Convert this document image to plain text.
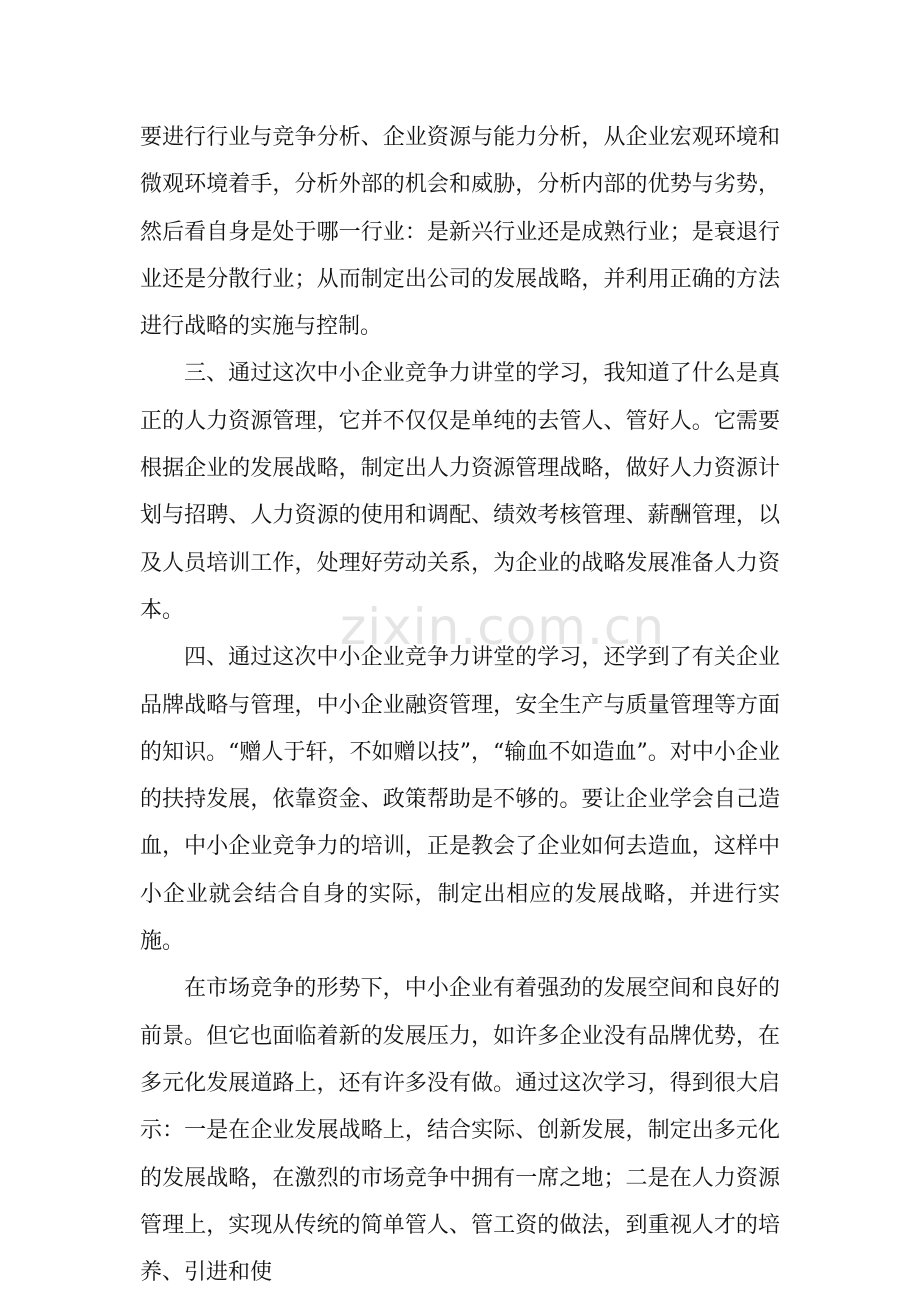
zixin.com.cn

要进行行业与竞争分析、企业资源与能力分析，从企业宏观环境和微观环境着手，分析外部的机会和威胁，分析内部的优势与劣势，然后看自身是处于哪一行业：是新兴行业还是成熟行业；是衰退行业还是分散行业；从而制定出公司的发展战略，并利用正确的方法进行战略的实施与控制。

三、通过这次中小企业竞争力讲堂的学习，我知道了什么是真正的人力资源管理，它并不仅仅是单纯的去管人、管好人。它需要根据企业的发展战略，制定出人力资源管理战略，做好人力资源计划与招聘、人力资源的使用和调配、绩效考核管理、薪酬管理，以及人员培训工作，处理好劳动关系，为企业的战略发展准备人力资本。

四、通过这次中小企业竞争力讲堂的学习，还学到了有关企业品牌战略与管理，中小企业融资管理，安全生产与质量管理等方面的知识。“赠人于轩，不如赠以技”，“输血不如造血”。对中小企业的扶持发展，依靠资金、政策帮助是不够的。要让企业学会自己造血，中小企业竞争力的培训，正是教会了企业如何去造血，这样中小企业就会结合自身的实际，制定出相应的发展战略，并进行实施。

在市场竞争的形势下，中小企业有着强劲的发展空间和良好的前景。但它也面临着新的发展压力，如许多企业没有品牌优势，在多元化发展道路上，还有许多没有做。通过这次学习，得到很大启示：一是在企业发展战略上，结合实际、创新发展，制定出多元化的发展战略，在激烈的市场竞争中拥有一席之地；二是在人力资源管理上，实现从传统的简单管人、管工资的做法，到重视人才的培养、引进和使
